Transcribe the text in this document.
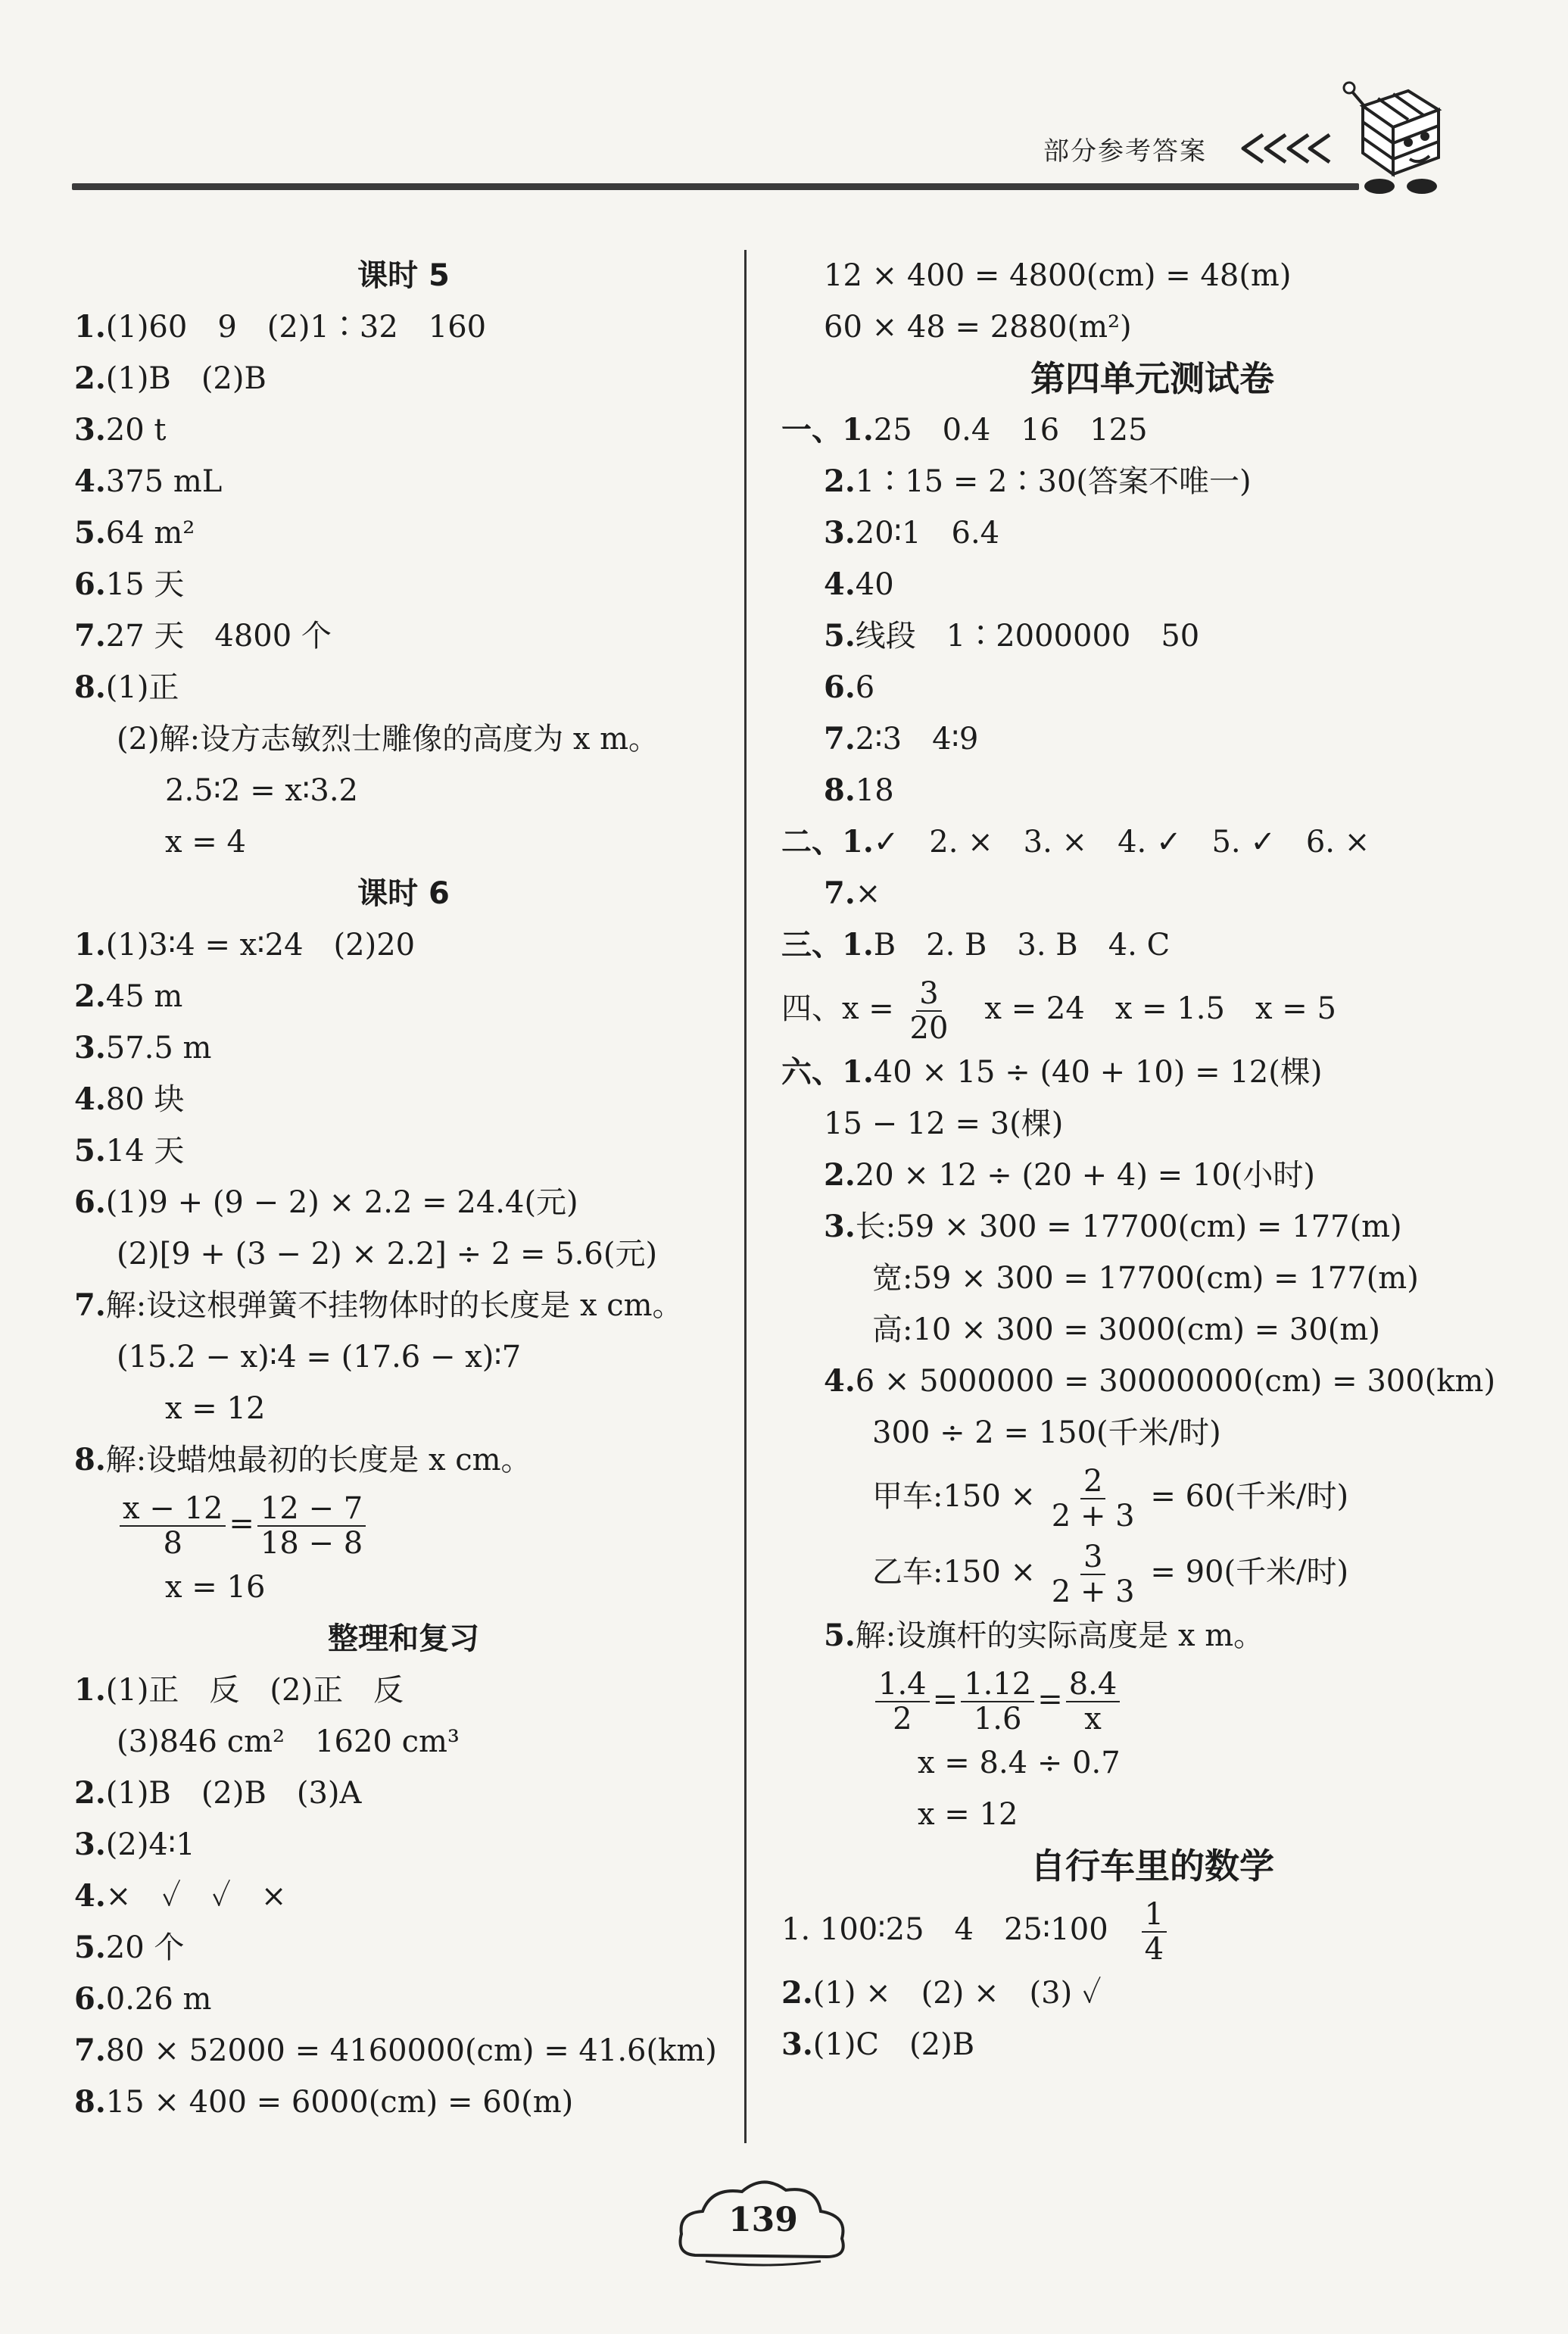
部分参考答案
课时 5
1.(1)60　9　(2)1∶32　160
2.(1)B　(2)B
3.20 t
4.375 mL
5.64 m²
6.15 天
7.27 天　4800 个
8.(1)正
(2)解:设方志敏烈士雕像的高度为 x m。
2.5∶2 = x∶3.2
x = 4
课时 6
1.(1)3∶4 = x∶24　(2)20
2.45 m
3.57.5 m
4.80 块
5.14 天
6.(1)9 + (9 − 2) × 2.2 = 24.4(元)
(2)[9 + (3 − 2) × 2.2] ÷ 2 = 5.6(元)
7.解:设这根弹簧不挂物体时的长度是 x cm。
(15.2 − x)∶4 = (17.6 − x)∶7
x = 12
8.解:设蜡烛最初的长度是 x cm。
$\frac{x - 12}{8} = \frac{12 - 7}{18 - 8}$
x = 16
整理和复习
1.(1)正　反　(2)正　反
(3)846 cm²　1620 cm³
2.(1)B　(2)B　(3)A
3.(2)4∶1
4.×　✓　✓　×
5.20 个
6.0.26 m
7.80 × 52000 = 4160000(cm) = 41.6(km)
8.15 × 400 = 6000(cm) = 60(m)
12 × 400 = 4800(cm) = 48(m)
60 × 48 = 2880(m²)
第四单元测试卷
一、1.25　0.4　16　125
2.1∶15 = 2∶30(答案不唯一)
3.20∶1　6.4
4.40
5.线段　1∶2000000　50
6.6
7.2∶3　4∶9
8.18
二、1.✓　2. ×　3. ×　4. ✓　5. ✓　6. ×
7.×
三、1.B　2. B　3. B　4. C
四、$x = \frac{3}{20}$ 　x = 24　x = 1.5　x = 5
六、1.40 × 15 ÷ (40 + 10) = 12(棵)
15 − 12 = 3(棵)
2.20 × 12 ÷ (20 + 4) = 10(小时)
3.长:59 × 300 = 17700(cm) = 177(m)
宽:59 × 300 = 17700(cm) = 177(m)
高:10 × 300 = 3000(cm) = 30(m)
4.6 × 5000000 = 30000000(cm) = 300(km)
300 ÷ 2 = 150(千米/时)
甲车:150 × $\frac{2}{2 + 3} = 60$(千米/时)
乙车:150 × $\frac{3}{2 + 3} = 90$(千米/时)
5.解:设旗杆的实际高度是 x m。
$\frac{1.4}{2} = \frac{1.12}{1.6} = \frac{8.4}{x}$
x = 8.4 ÷ 0.7
x = 12
自行车里的数学
1. 100∶25　4　25∶100　 $\frac{1}{4}$
2.(1) ×　(2) ×　(3) ✓
3.(1)C　(2)B
139
